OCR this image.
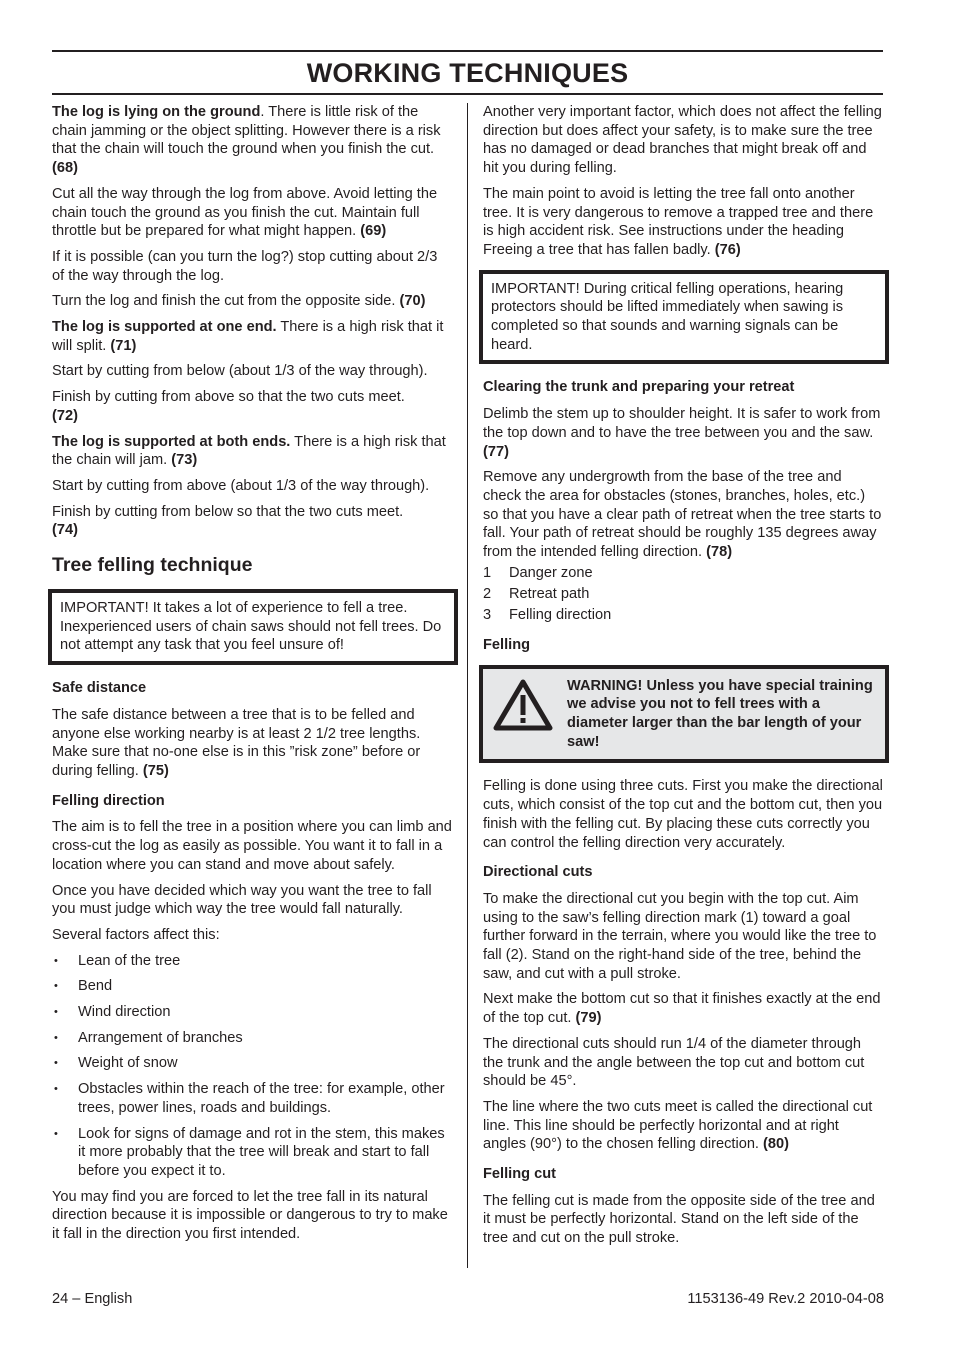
WORKING TECHNIQUES

The log is lying on the ground. There is little risk of the chain jamming or the object splitting. However there is a risk that the chain will touch the ground when you finish the cut. (68)

Cut all the way through the log from above. Avoid letting the chain touch the ground as you finish the cut. Maintain full throttle but be prepared for what might happen. (69)

If it is possible (can you turn the log?) stop cutting about 2/3 of the way through the log.

Turn the log and finish the cut from the opposite side. (70)

The log is supported at one end. There is a high risk that it will split. (71)

Start by cutting from below (about 1/3 of the way through).

Finish by cutting from above so that the two cuts meet.
(72)

The log is supported at both ends. There is a high risk that the chain will jam. (73)

Start by cutting from above (about 1/3 of the way through).

Finish by cutting from below so that the two cuts meet.
(74)

Tree felling technique
IMPORTANT! It takes a lot of experience to fell a tree. Inexperienced users of chain saws should not fell trees. Do not attempt any task that you feel unsure of!
Safe distance

The safe distance between a tree that is to be felled and anyone else working nearby is at least 2 1/2 tree lengths. Make sure that no-one else is in this ”risk zone” before or during felling. (75)

Felling direction

The aim is to fell the tree in a position where you can limb and cross-cut the log as easily as possible. You want it to fall in a location where you can stand and move about safely.

Once you have decided which way you want the tree to fall you must judge which way the tree would fall naturally.

Several factors affect this:

• Lean of the tree
• Bend
• Wind direction
• Arrangement of branches
• Weight of snow
• Obstacles within the reach of the tree: for example, other trees, power lines, roads and buildings.
• Look for signs of damage and rot in the stem, this makes it more probably that the tree will break and start to fall before you expect it to.

You may find you are forced to let the tree fall in its natural direction because it is impossible or dangerous to try to make it fall in the direction you first intended.

Another very important factor, which does not affect the felling direction but does affect your safety, is to make sure the tree has no damaged or dead branches that might break off and hit you during felling.

The main point to avoid is letting the tree fall onto another tree. It is very dangerous to remove a trapped tree and there is high accident risk. See instructions under the heading Freeing a tree that has fallen badly. (76)

IMPORTANT! During critical felling operations, hearing protectors should be lifted immediately when sawing is completed so that sounds and warning signals can be heard.
Clearing the trunk and preparing your retreat

Delimb the stem up to shoulder height. It is safer to work from the top down and to have the tree between you and the saw.   (77)

Remove any undergrowth from the base of the tree and check the area for obstacles (stones, branches, holes, etc.) so that you have a clear path of retreat when the tree starts to fall. Your path of retreat should be roughly 135 degrees away from the intended felling direction. (78)

1 Danger zone
2 Retreat path
3 Felling direction
Felling
WARNING! Unless you have special training we advise you not to fell trees with a diameter larger than the bar length of your saw!

Felling is done using three cuts. First you make the directional cuts, which consist of the top cut and the bottom cut, then you finish with the felling cut. By placing these cuts correctly you can control the felling direction very accurately.

Directional cuts

To make the directional cut you begin with the top cut. Aim using to the saw’s felling direction mark (1) toward a goal further forward in the terrain, where you would like the tree to fall (2). Stand on the right-hand side of the tree, behind the saw, and cut with a pull stroke.

Next make the bottom cut so that it finishes exactly at the end of the top cut. (79)

The directional cuts should run 1/4 of the diameter through the trunk and the angle between the top cut and bottom cut should be 45°.

The line where the two cuts meet is called the directional cut line. This line should be perfectly horizontal and at right angles (90°) to the chosen felling direction. (80)

Felling cut

The felling cut is made from the opposite side of the tree and it must be perfectly horizontal. Stand on the left side of the tree and cut on the pull stroke.

24 – English	1153136-49 Rev.2 2010-04-08
